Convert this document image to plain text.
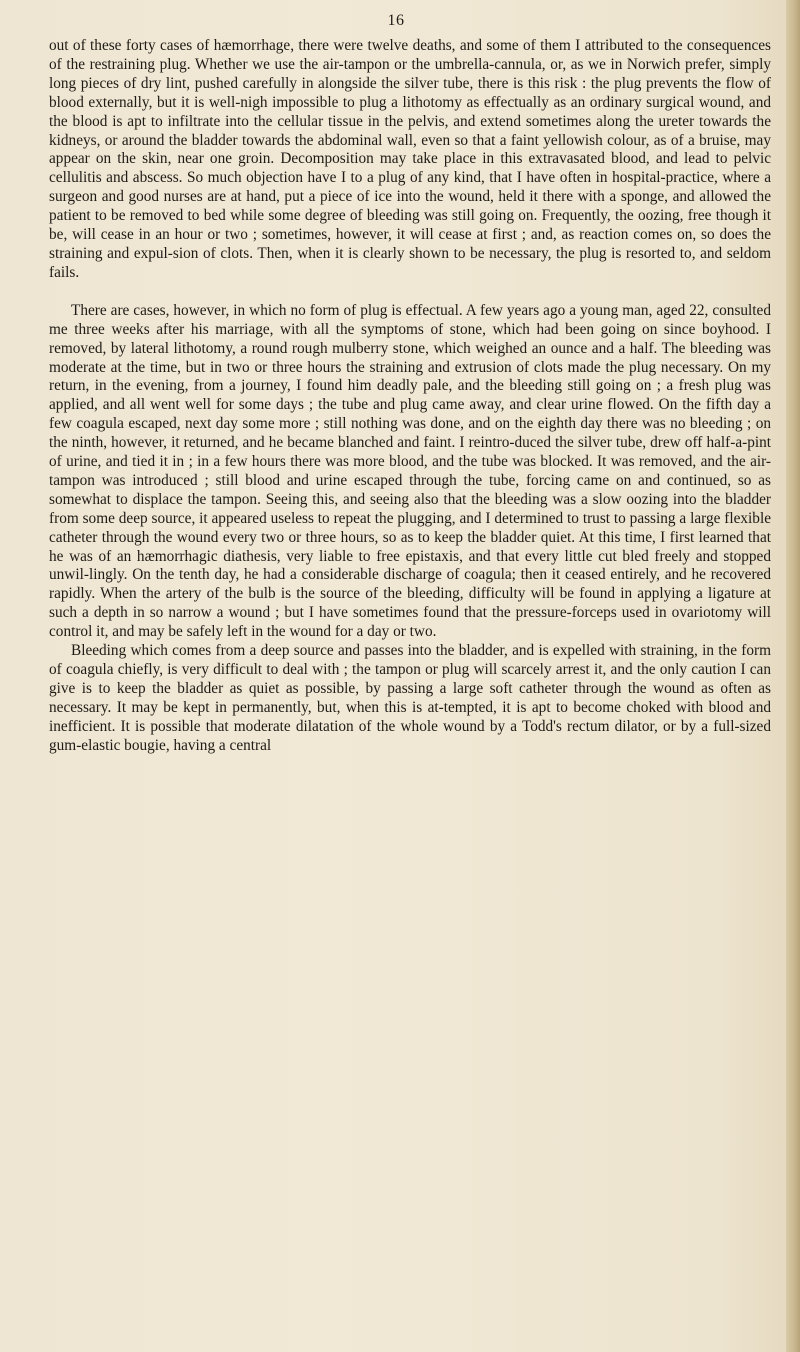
16

out of these forty cases of hæmorrhage, there were twelve deaths, and some of them I attributed to the consequences of the restraining plug. Whether we use the air-tampon or the umbrella-cannula, or, as we in Norwich prefer, simply long pieces of dry lint, pushed carefully in alongside the silver tube, there is this risk : the plug prevents the flow of blood externally, but it is well-nigh impossible to plug a lithotomy as effectually as an ordinary surgical wound, and the blood is apt to infiltrate into the cellular tissue in the pelvis, and extend sometimes along the ureter towards the kidneys, or around the bladder towards the abdominal wall, even so that a faint yellowish colour, as of a bruise, may appear on the skin, near one groin. Decomposition may take place in this extravasated blood, and lead to pelvic cellulitis and abscess. So much objection have I to a plug of any kind, that I have often in hospital-practice, where a surgeon and good nurses are at hand, put a piece of ice into the wound, held it there with a sponge, and allowed the patient to be removed to bed while some degree of bleeding was still going on. Frequently, the oozing, free though it be, will cease in an hour or two ; sometimes, however, it will cease at first ; and, as reaction comes on, so does the straining and expul-sion of clots. Then, when it is clearly shown to be necessary, the plug is resorted to, and seldom fails.

There are cases, however, in which no form of plug is effectual. A few years ago a young man, aged 22, consulted me three weeks after his marriage, with all the symptoms of stone, which had been going on since boyhood. I removed, by lateral lithotomy, a round rough mulberry stone, which weighed an ounce and a half. The bleeding was moderate at the time, but in two or three hours the straining and extrusion of clots made the plug necessary. On my return, in the evening, from a journey, I found him deadly pale, and the bleeding still going on ; a fresh plug was applied, and all went well for some days ; the tube and plug came away, and clear urine flowed. On the fifth day a few coagula escaped, next day some more ; still nothing was done, and on the eighth day there was no bleeding ; on the ninth, however, it returned, and he became blanched and faint. I reintro-duced the silver tube, drew off half-a-pint of urine, and tied it in ; in a few hours there was more blood, and the tube was blocked. It was removed, and the air-tampon was introduced ; still blood and urine escaped through the tube, forcing came on and continued, so as somewhat to displace the tampon. Seeing this, and seeing also that the bleeding was a slow oozing into the bladder from some deep source, it appeared useless to repeat the plugging, and I determined to trust to passing a large flexible catheter through the wound every two or three hours, so as to keep the bladder quiet. At this time, I first learned that he was of an hæmorrhagic diathesis, very liable to free epistaxis, and that every little cut bled freely and stopped unwil-lingly. On the tenth day, he had a considerable discharge of coagula; then it ceased entirely, and he recovered rapidly. When the artery of the bulb is the source of the bleeding, difficulty will be found in applying a ligature at such a depth in so narrow a wound ; but I have sometimes found that the pressure-forceps used in ovariotomy will control it, and may be safely left in the wound for a day or two.

Bleeding which comes from a deep source and passes into the bladder, and is expelled with straining, in the form of coagula chiefly, is very difficult to deal with ; the tampon or plug will scarcely arrest it, and the only caution I can give is to keep the bladder as quiet as possible, by passing a large soft catheter through the wound as often as necessary. It may be kept in permanently, but, when this is at-tempted, it is apt to become choked with blood and inefficient. It is possible that moderate dilatation of the whole wound by a Todd's rectum dilator, or by a full-sized gum-elastic bougie, having a central
